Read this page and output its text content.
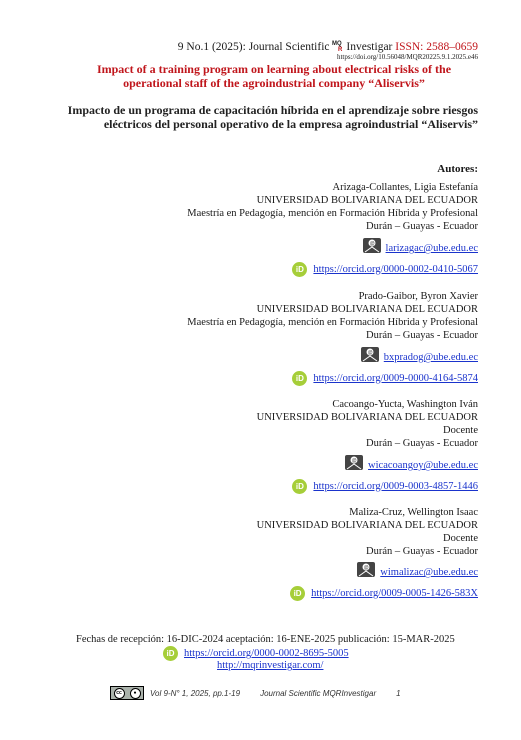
9 No.1 (2025): Journal Scientific MQ
R Investigar ISSN: 2588–0659
https://doi.org/10.56048/MQR20225.9.1.2025.e46
Impact of a training program on learning about electrical risks of the operational staff of the agroindustrial company “Aliservis”
Impacto de un programa de capacitación híbrida en el aprendizaje sobre riesgos eléctricos del personal operativo de la empresa agroindustrial “Aliservis”
Autores:
Arizaga-Collantes, Ligia Estefanía
UNIVERSIDAD BOLIVARIANA DEL ECUADOR
Maestría en Pedagogía, mención en Formación Híbrida y Profesional
Durán – Guayas - Ecuador
@ larizagac@ube.edu.ec
iD https://orcid.org/0000-0002-0410-5067
Prado-Gaibor, Byron Xavier
UNIVERSIDAD BOLIVARIANA DEL ECUADOR
Maestría en Pedagogía, mención en Formación Híbrida y Profesional
Durán – Guayas - Ecuador
@ bxpradog@ube.edu.ec
iD https://orcid.org/0009-0000-4164-5874
Cacoango-Yucta, Washington Iván
UNIVERSIDAD BOLIVARIANA DEL ECUADOR
Docente
Durán – Guayas - Ecuador
@ wicacoangoy@ube.edu.ec
iD https://orcid.org/0009-0003-4857-1446
Maliza-Cruz, Wellington Isaac
UNIVERSIDAD BOLIVARIANA DEL ECUADOR
Docente
Durán – Guayas - Ecuador
@ wimalizac@ube.edu.ec
iD https://orcid.org/0009-0005-1426-583X
Fechas de recepción: 16-DIC-2024 aceptación: 16-ENE-2025 publicación: 15-MAR-2025
iD https://orcid.org/0000-0002-8695-5005
http://mqrinvestigar.com/
cc	●	Vol 9-N° 1, 2025, pp.1-19	Journal Scientific MQRInvestigar	1
